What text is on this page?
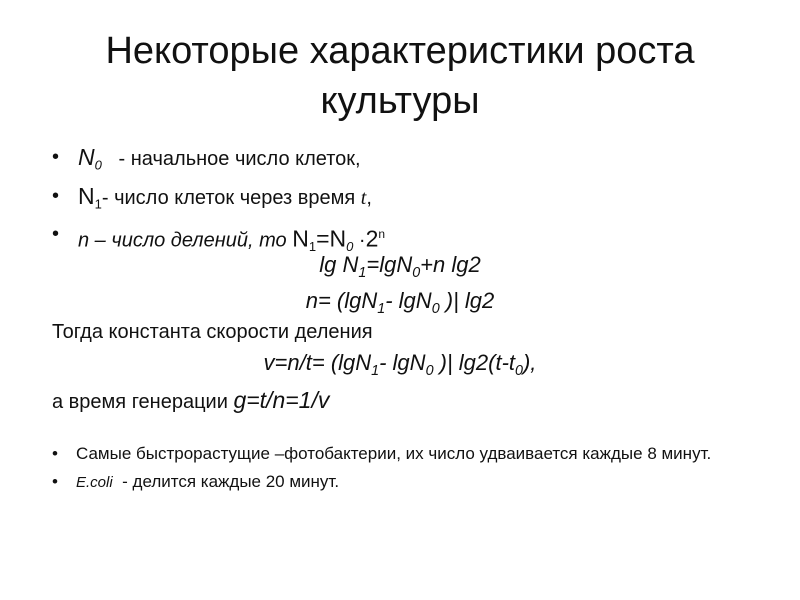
Некоторые характеристики роста
культуры
• $N_0$   - начальное число клеток,
• $N_1-$ число клеток через время t,
• n – число делений, то $N_1=N_0 \cdot 2^n$
$\lg N_1=\lg N_0+n$ lg2
n= (lgN$_1$- lgN$_0$ )| lg2
Тогда константа скорости деления
v=n/t= (lgN$_1$- lgN$_0$ )| $\lg 2(t-t_0)$,
а время генерации g=t/n=1/v
• Самые быстрорастущие –фотобактерии, их число удваивается каждые 8 минут.
• E.coli  - делится каждые 20 минут.
